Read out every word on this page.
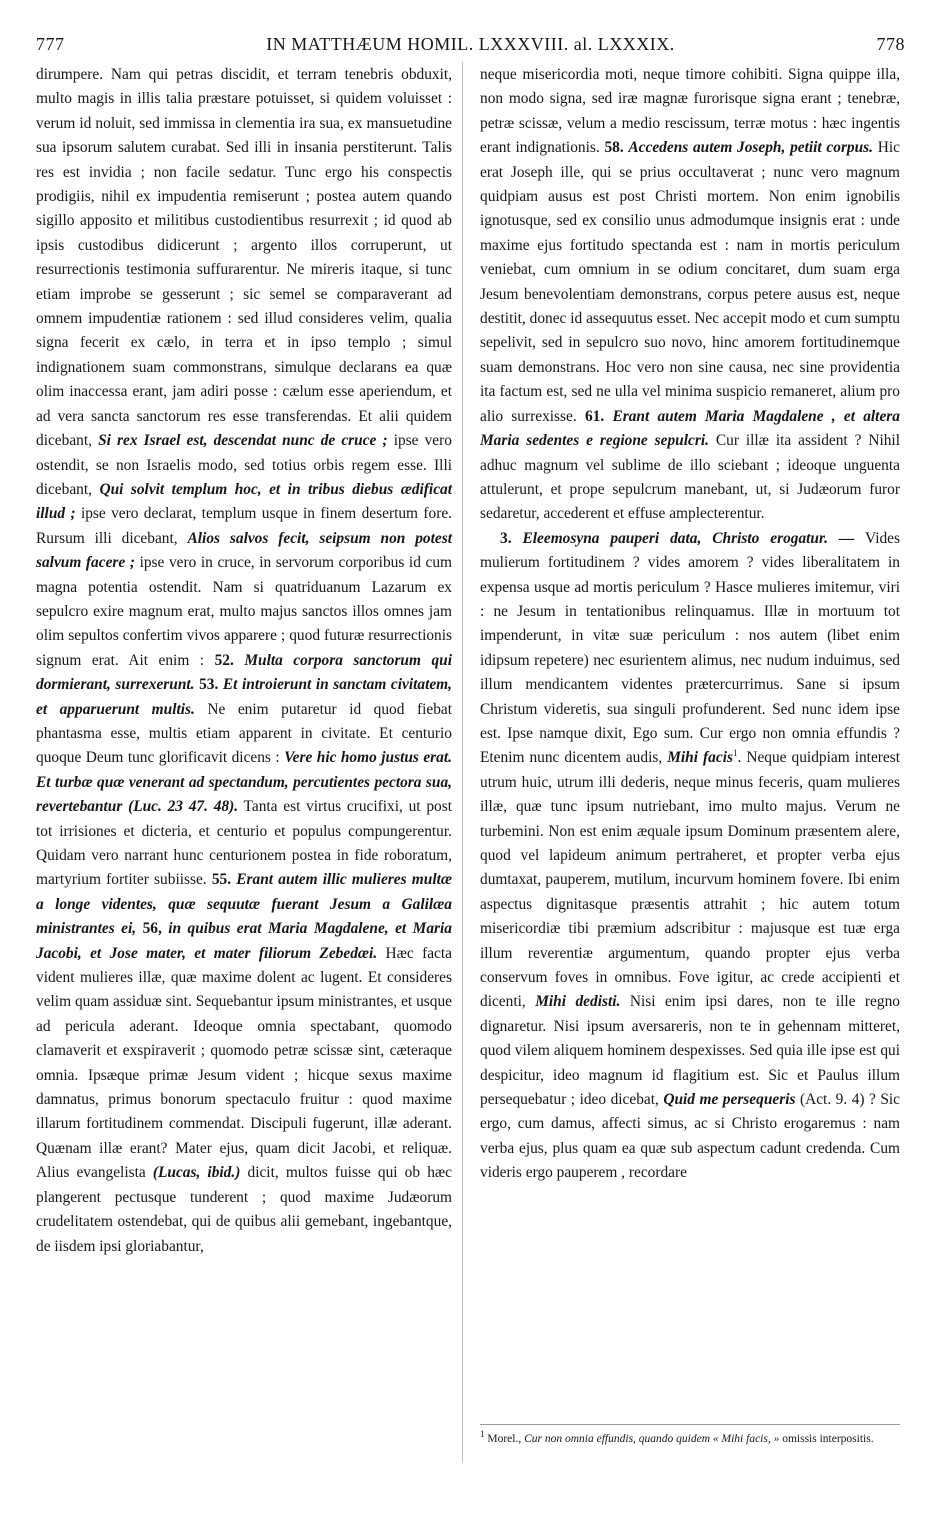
777	IN MATTHÆUM HOMIL. LXXXVIII. al. LXXXIX.	778

dirumpere. Nam qui petras discidit, et terram tenebris obduxit, multo magis in illis talia præstare potuisset, si quidem voluisset : verum id noluit, sed immissa in clementia ira sua, ex mansuetudine sua ipsorum salutem curabat. Sed illi in insania perstiterunt. Talis res est invidia ; non facile sedatur. Tunc ergo his conspectis prodigiis, nihil ex impudentia remiserunt ; postea autem quando sigillo apposito et militibus custodientibus resurrexit ; id quod ab ipsis custodibus didicerunt ; argento illos corruperunt, ut resurrectionis testimonia suffurarentur. Ne mireris itaque, si tunc etiam improbe se gesserunt ; sic semel se comparaverant ad omnem impudentiæ rationem : sed illud consideres velim, qualia signa fecerit ex cælo, in terra et in ipso templo ; simul indignationem suam commonstrans, simulque declarans ea quæ olim inaccessa erant, jam adiri posse : cælum esse aperiendum, et ad vera sancta sanctorum res esse transferendas. Et alii quidem dicebant, Si rex Israel est, descendat nunc de cruce ; ipse vero ostendit, se non Israelis modo, sed totius orbis regem esse. Illi dicebant, Qui solvit templum hoc, et in tribus diebus ædificat illud ; ipse vero declarat, templum usque in finem desertum fore. Rursum illi dicebant, Alios salvos fecit, seipsum non potest salvum facere ; ipse vero in cruce, in servorum corporibus id cum magna potentia ostendit. Nam si quatriduanum Lazarum ex sepulcro exire magnum erat, multo majus sanctos illos omnes jam olim sepultos confertim vivos apparere ; quod futuræ resurrectionis signum erat. Ait enim : 52. Multa corpora sanctorum qui dormierant, surrexerunt. 53. Et introierunt in sanctam civitatem, et apparuerunt multis. Ne enim putaretur id quod fiebat phantasma esse, multis etiam apparent in civitate. Et centurio quoque Deum tunc glorificavit dicens : Vere hic homo justus erat. Et turbæ quæ venerant ad spectandum, percutientes pectora sua, revertebantur (Luc. 23 47. 48). Tanta est virtus crucifixi, ut post tot irrisiones et dicteria, et centurio et populus compungerentur. Quidam vero narrant hunc centurionem postea in fide roboratum, martyrium fortiter subiisse. 55. Erant autem illic mulieres multæ a longe videntes, quæ sequutæ fuerant Jesum a Galilæa ministrantes ei, 56, in quibus erat Maria Magdalene, et Maria Jacobi, et Jose mater, et mater filiorum Zebedæi. Hæc facta vident mulieres illæ, quæ maxime dolent ac lugent. Et consideres velim quam assiduæ sint. Sequebantur ipsum ministrantes, et usque ad pericula aderant. Ideoque omnia spectabant, quomodo clamaverit et exspiraverit ; quomodo petræ scissæ sint, cæteraque omnia. Ipsæque primæ Jesum vident ; hicque sexus maxime damnatus, primus bonorum spectaculo fruitur : quod maxime illarum fortitudinem commendat. Discipuli fugerunt, illæ aderant. Quænam illæ erant? Mater ejus, quam dicit Jacobi, et reliquæ. Alius evangelista (Lucas, ibid.) dicit, multos fuisse qui ob hæc plangerent pectusque tunderent ; quod maxime Judæorum crudelitatem ostendebat, qui de quibus alii gemebant, ingebantque, de iisdem ipsi gloriabantur,

neque misericordia moti, neque timore cohibiti. Signa quippe illa, non modo signa, sed iræ magnæ furorisque signa erant ; tenebræ, petræ scissæ, velum a medio rescissum, terræ motus : hæc ingentis erant indignationis. 58. Accedens autem Joseph, petiit corpus. Hic erat Joseph ille, qui se prius occultaverat ; nunc vero magnum quidpiam ausus est post Christi mortem. Non enim ignobilis ignotusque, sed ex consilio unus admodumque insignis erat : unde maxime ejus fortitudo spectanda est : nam in mortis periculum veniebat, cum omnium in se odium concitaret, dum suam erga Jesum benevolentiam demonstrans, corpus petere ausus est, neque destitit, donec id assequutus esset. Nec accepit modo et cum sumptu sepelivit, sed in sepulcro suo novo, hinc amorem fortitudinemque suam demonstrans. Hoc vero non sine causa, nec sine providentia ita factum est, sed ne ulla vel minima suspicio remaneret, alium pro alio surrexisse. 61. Erant autem Maria Magdalene , et altera Maria sedentes e regione sepulcri. Cur illæ ita assident ? Nihil adhuc magnum vel sublime de illo sciebant ; ideoque unguenta attulerunt, et prope sepulcrum manebant, ut, si Judæorum furor sedaretur, accederent et effuse amplecterentur.

3. Eleemosyna pauperi data, Christo erogatur. — Vides mulierum fortitudinem ? vides amorem ? vides liberalitatem in expensa usque ad mortis periculum ? Hasce mulieres imitemur, viri : ne Jesum in tentationibus relinquamus. Illæ in mortuum tot impenderunt, in vitæ suæ periculum : nos autem (libet enim idipsum repetere) nec esurientem alimus, nec nudum induimus, sed illum mendicantem videntes prætercurrimus. Sane si ipsum Christum videretis, sua singuli profunderent. Sed nunc idem ipse est. Ipse namque dixit, Ego sum. Cur ergo non omnia effundis ? Etenim nunc dicentem audis, Mihi facis$^1$. Neque quidpiam interest utrum huic, utrum illi dederis, neque minus feceris, quam mulieres illæ, quæ tunc ipsum nutriebant, imo multo majus. Verum ne turbemini. Non est enim æquale ipsum Dominum præsentem alere, quod vel lapideum animum pertraheret, et propter verba ejus dumtaxat, pauperem, mutilum, incurvum hominem fovere. Ibi enim aspectus dignitasque præsentis attrahit ; hic autem totum misericordiæ tibi præmium adscribitur : majusque est tuæ erga illum reverentiæ argumentum, quando propter ejus verba conservum foves in omnibus. Fove igitur, ac crede accipienti et dicenti, Mihi dedisti. Nisi enim ipsi dares, non te ille regno dignaretur. Nisi ipsum aversareris, non te in gehennam mitteret, quod vilem aliquem hominem despexisses. Sed quia ille ipse est qui despicitur, ideo magnum id flagitium est. Sic et Paulus illum persequebatur ; ideo dicebat, Quid me persequeris (Act. 9. 4) ? Sic ergo, cum damus, affecti simus, ac si Christo erogaremus : nam verba ejus, plus quam ea quæ sub aspectum cadunt credenda. Cum videris ergo pauperem , recordare

$^1$ Morel., Cur non omnia effundis, quando quidem « Mihi facis, » omissis interpositis.
